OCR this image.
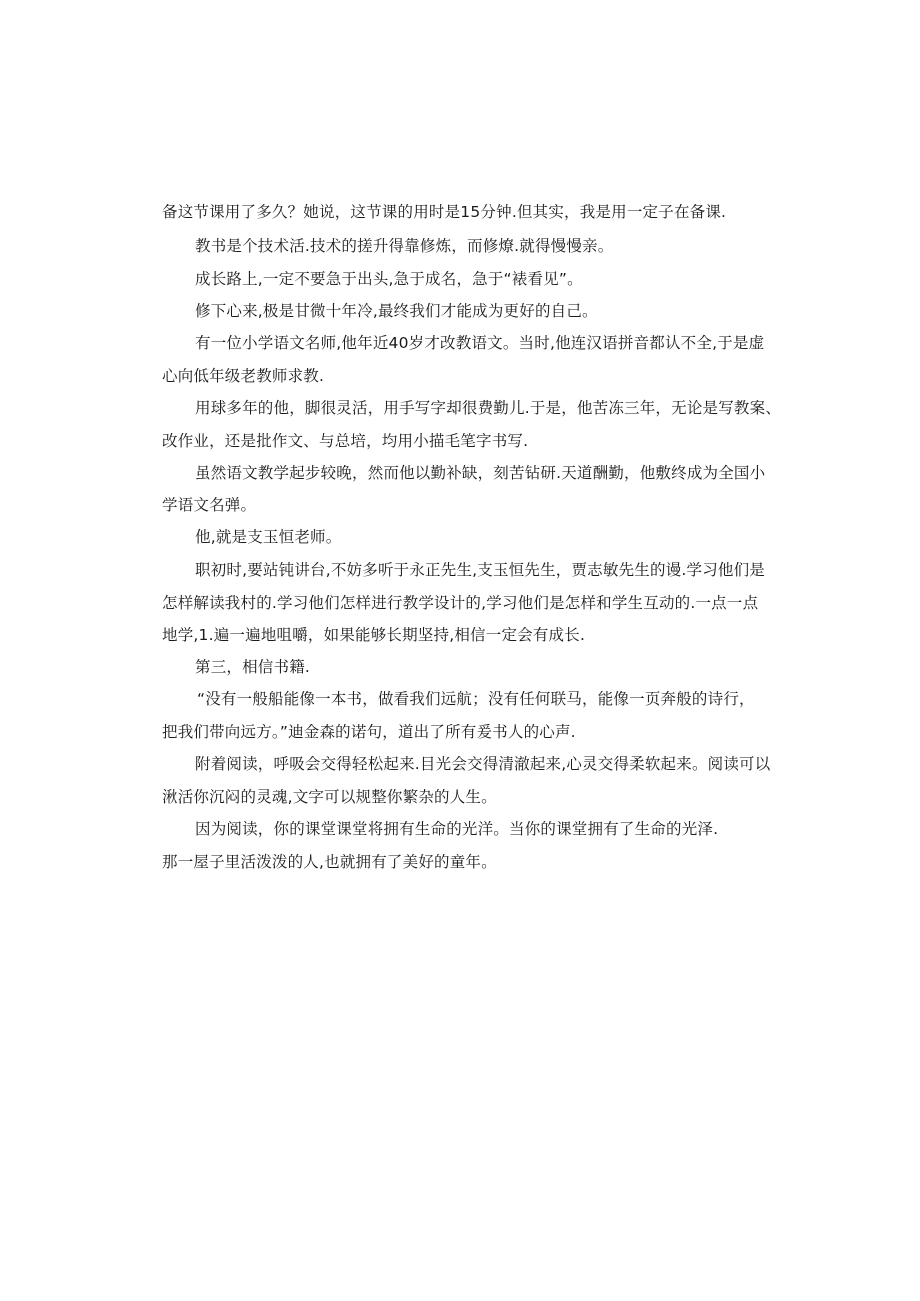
备这节课用了多久？她说，这节课的用时是15分钟.但其实，我是用一定子在备课.
教书是个技术活.技术的搓升得靠修炼，而修燎.就得慢慢亲。
成长路上,一定不要急于出头,急于成名，急于“裱看见”。
修下心来,极是甘微十年冷,最终我们才能成为更好的自己。
有一位小学语文名师,他年近40岁才改教语文。当时,他连汉语拼音都认不全,于是虚
心向低年级老教师求教.
用球多年的他，脚很灵活，用手写字却很费勤儿.于是，他苦冻三年，无论是写教案、
改作业，还是批作文、与总培，均用小描毛笔字书写.
虽然语文教学起步较晚，然而他以勤补缺，刻苦钻研.天道酬勤，他敷终成为全国小
学语文名弹。
他,就是支玉恒老师。
职初时,要站钝讲台,不妨多听于永正先生,支玉恒先生，贾志敏先生的谩.学习他们是
怎样解读我村的.学习他们怎样进行教学设计的,学习他们是怎样和学生互动的.一点一点
地学,1.遍一遍地咀嚼，如果能够长期坚持,相信一定会有成长.
第三，相信书籍.
“没有一般船能像一本书，做看我们远航；没有任何联马，能像一页奔般的诗行，
把我们带向远方。”迪金森的诺句，道出了所有爰书人的心声.
附着阅读，呼吸会交得轻松起来.目光会交得清澈起来,心灵交得柔软起来。阅读可以
湫活你沉闷的灵魂,文字可以规整你繁杂的人生。
因为阅读，你的课堂课堂将拥有生命的光洋。当你的课堂拥有了生命的光泽.
那一屋子里活泼泼的人,也就拥有了美好的童年。
